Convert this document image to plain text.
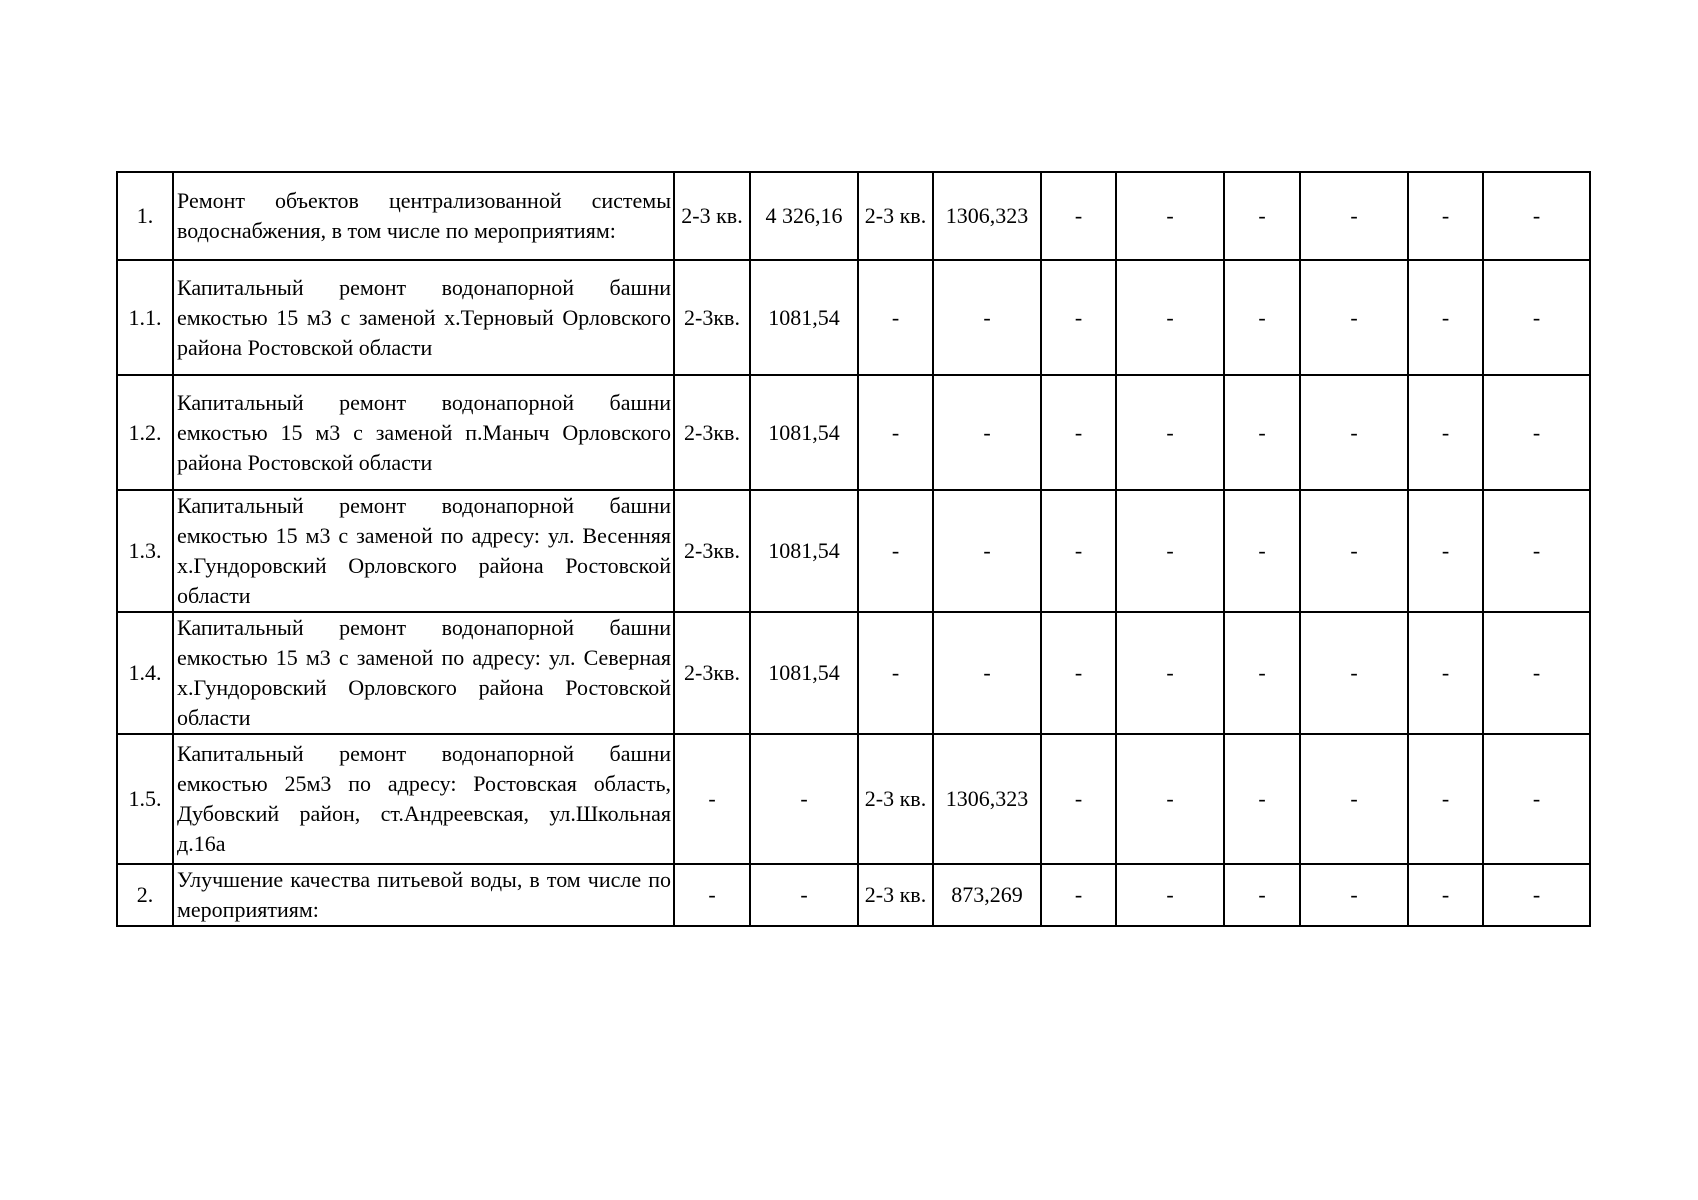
1.	Ремонт объектов централизованной системы водоснабжения, в том числе по мероприятиям:	2-3 кв.	4 326,16	2-3 кв.	1306,323	-	-	-	-	-	-
1.1.	Капитальный ремонт водонапорной башни емкостью 15 м3 с заменой х.Терновый Орловского района Ростовской области	2-3кв.	1081,54	-	-	-	-	-	-	-	-
1.2.	Капитальный ремонт водонапорной башни емкостью 15 м3 с заменой п.Маныч Орловского района Ростовской области	2-3кв.	1081,54	-	-	-	-	-	-	-	-
1.3.	Капитальный ремонт водонапорной башни емкостью 15 м3 с заменой по адресу: ул. Весенняя х.Гундоровский Орловского района Ростовской области	2-3кв.	1081,54	-	-	-	-	-	-	-	-
1.4.	Капитальный ремонт водонапорной башни емкостью 15 м3 с заменой по адресу: ул. Северная х.Гундоровский Орловского района Ростовской области	2-3кв.	1081,54	-	-	-	-	-	-	-	-
1.5.	Капитальный ремонт водонапорной башни емкостью 25м3 по адресу: Ростовская область, Дубовский район, ст.Андреевская, ул.Школьная д.16а	-	-	2-3 кв.	1306,323	-	-	-	-	-	-
2.	Улучшение качества питьевой воды, в том числе по мероприятиям:	-	-	2-3 кв.	873,269	-	-	-	-	-	-
